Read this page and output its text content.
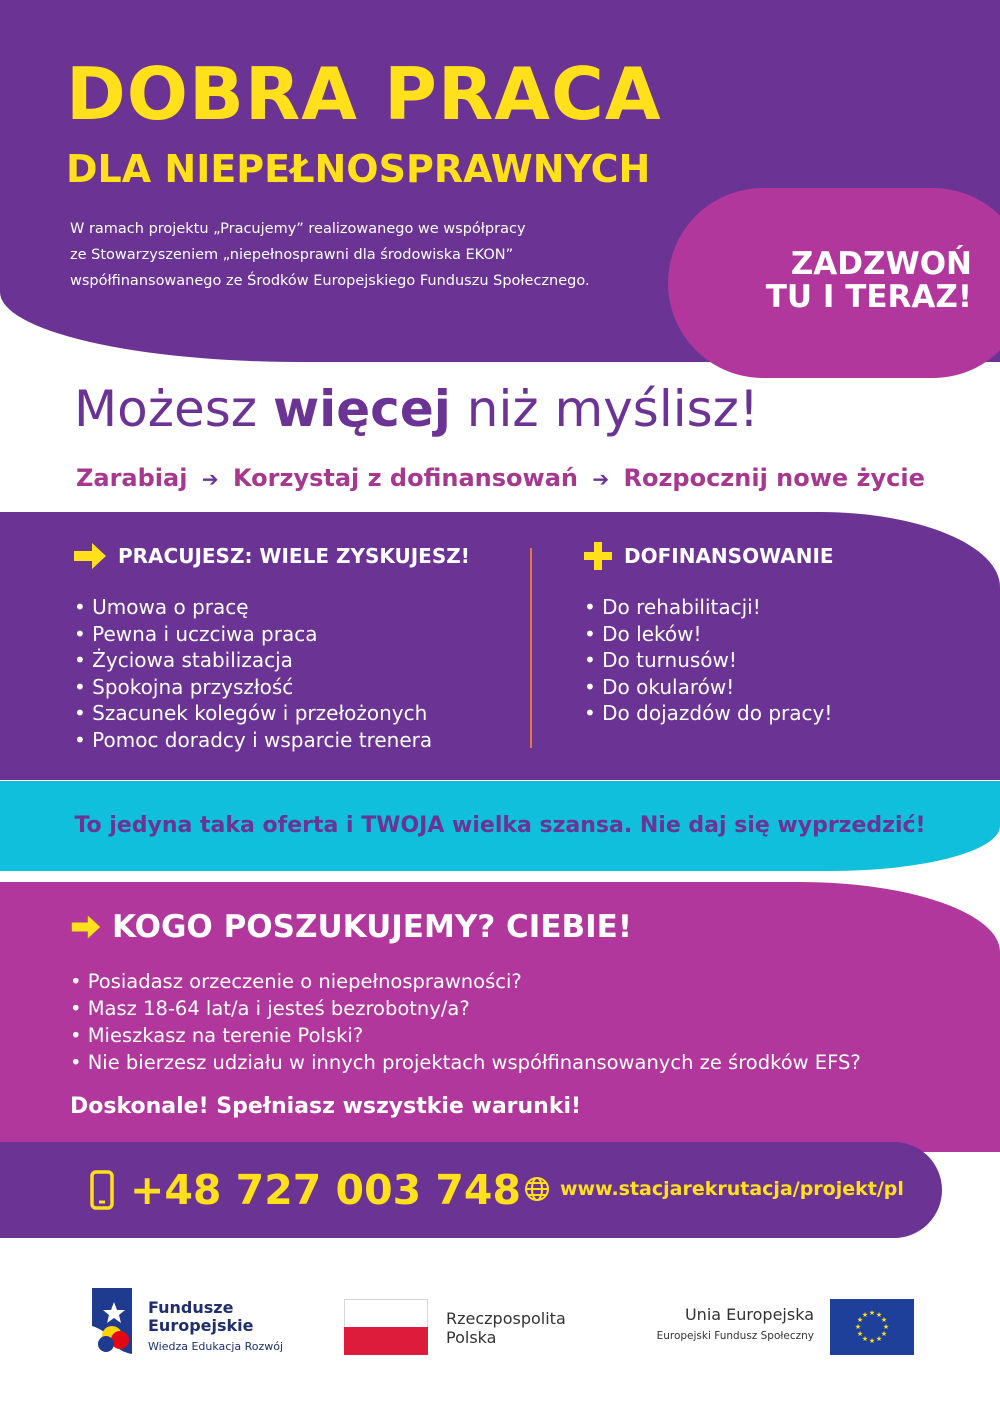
DOBRA PRACA
DLA NIEPEŁNOSPRAWNYCH
W ramach projektu „Pracujemy” realizowanego we współpracy
ze Stowarzyszeniem „niepełnosprawni dla środowiska EKON”
współfinansowanego ze Środków Europejskiego Funduszu Społecznego.	ZADZWOŃ
TU I TERAZ!
Możesz więcej niż myślisz!
Zarabiaj ➔ Korzystaj z dofinansowań ➔ Rozpocznij nowe życie
PRACUJESZ: WIELE ZYSKUJESZ!
• Umowa o pracę
• Pewna i uczciwa praca
• Życiowa stabilizacja
• Spokojna przyszłość
• Szacunek kolegów i przełożonych
• Pomoc doradcy i wsparcie trenera
DOFINANSOWANIE
• Do rehabilitacji!
• Do leków!
• Do turnusów!
• Do okularów!
• Do dojazdów do pracy!
To jedyna taka oferta i TWOJA wielka szansa. Nie daj się wyprzedzić!
KOGO POSZUKUJEMY? CIEBIE!
• Posiadasz orzeczenie o niepełnosprawności?
• Masz 18-64 lat/a i jesteś bezrobotny/a?
• Mieszkasz na terenie Polski?
• Nie bierzesz udziału w innych projektach współfinansowanych ze środków EFS?
Doskonale! Spełniasz wszystkie warunki!
+48 727 003 748 www.stacjarekrutacja/projekt/pl
Fundusze
Europejskie
Wiedza Edukacja Rozwój
Rzeczpospolita
Polska
Unia Europejska
Europejski Fundusz Społeczny
★ ★
★
★
★
★
★
★
★
★
★
★
